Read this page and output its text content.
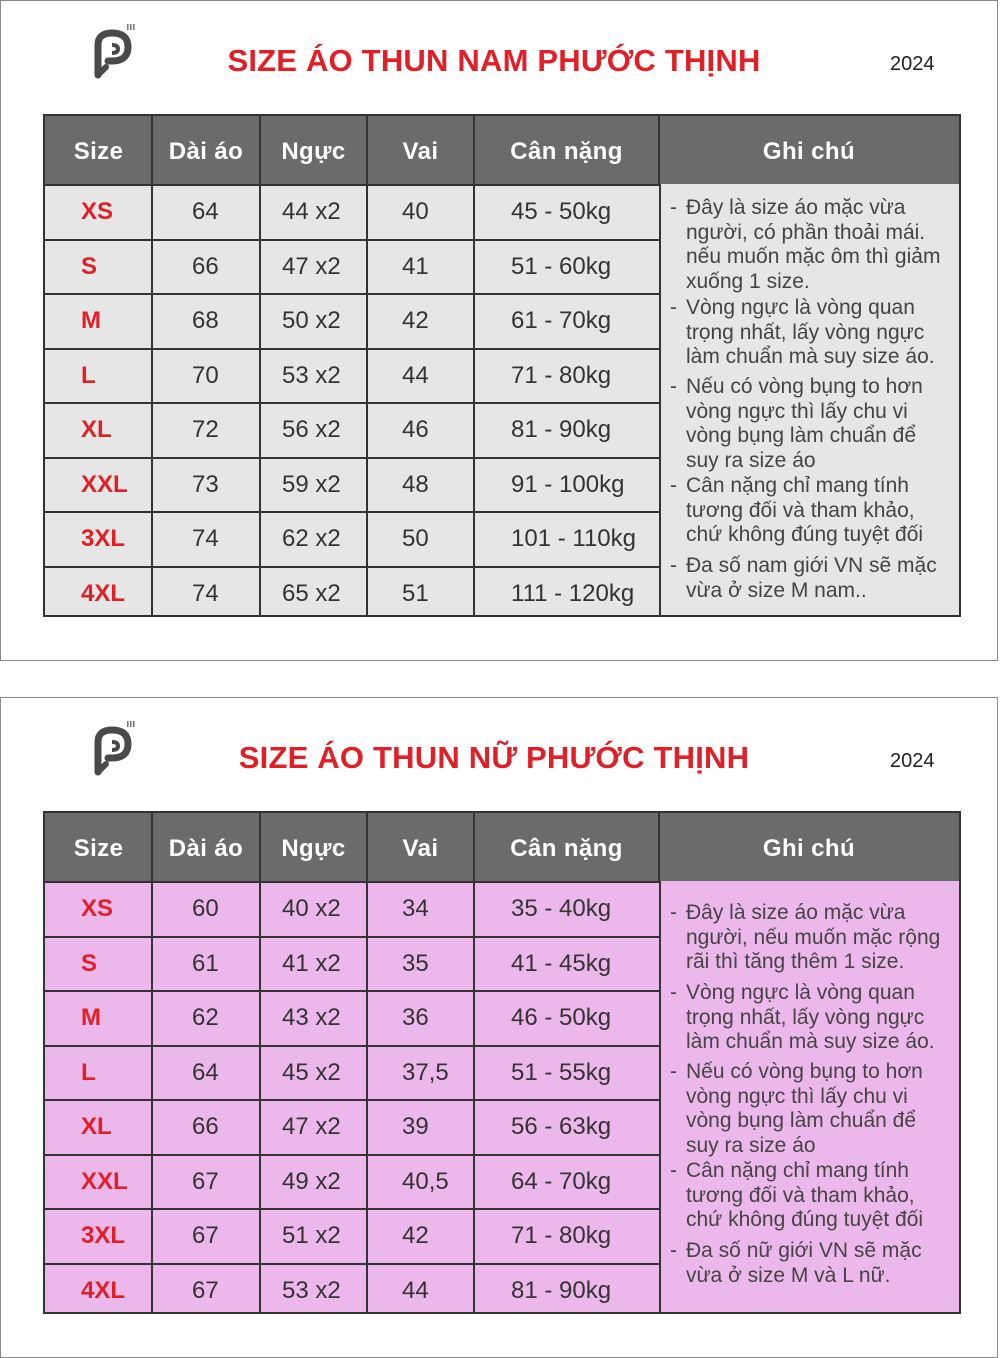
SIZE ÁO THUN NAM PHƯỚC THỊNH	2024
Size	Dài áo	Ngực	Vai	Cân nặng	Ghi chú
XS	64	44 x2	40	45 - 50kg
S	66	47 x2	41	51 - 60kg
M	68	50 x2	42	61 - 70kg
L	70	53 x2	44	71 - 80kg
XL	72	56 x2	46	81 - 90kg
XXL	73	59 x2	48	91 - 100kg
3XL	74	62 x2	50	101 - 110kg
4XL	74	65 x2	51	111 - 120kg
- Đây là size áo mặc vừa
người, có phần thoải mái.
nếu muốn mặc ôm thì giảm
xuống 1 size.
- Vòng ngực là vòng quan
trọng nhất, lấy vòng ngực
làm chuẩn mà suy size áo.
- Nếu có vòng bụng to hơn
vòng ngực thì lấy chu vi
vòng bụng làm chuẩn để
suy ra size áo
- Cân nặng chỉ mang tính
tương đối và tham khảo,
chứ không đúng tuyệt đối
- Đa số nam giới VN sẽ mặc
vừa ở size M nam..
SIZE ÁO THUN NỮ PHƯỚC THỊNH	2024
Size	Dài áo	Ngực	Vai	Cân nặng	Ghi chú
XS	60	40 x2	34	35 - 40kg
S	61	41 x2	35	41 - 45kg
M	62	43 x2	36	46 - 50kg
L	64	45 x2	37,5	51 - 55kg
XL	66	47 x2	39	56 - 63kg
XXL	67	49 x2	40,5	64 - 70kg
3XL	67	51 x2	42	71 - 80kg
4XL	67	53 x2	44	81 - 90kg
- Đây là size áo mặc vừa
người, nếu muốn mặc rộng
rãi thì tăng thêm 1 size.
- Vòng ngực là vòng quan
trọng nhất, lấy vòng ngực
làm chuẩn mà suy size áo.
- Nếu có vòng bụng to hơn
vòng ngực thì lấy chu vi
vòng bụng làm chuẩn để
suy ra size áo
- Cân nặng chỉ mang tính
tương đối và tham khảo,
chứ không đúng tuyệt đối
- Đa số nữ giới VN sẽ mặc
vừa ở size M và L nữ.
